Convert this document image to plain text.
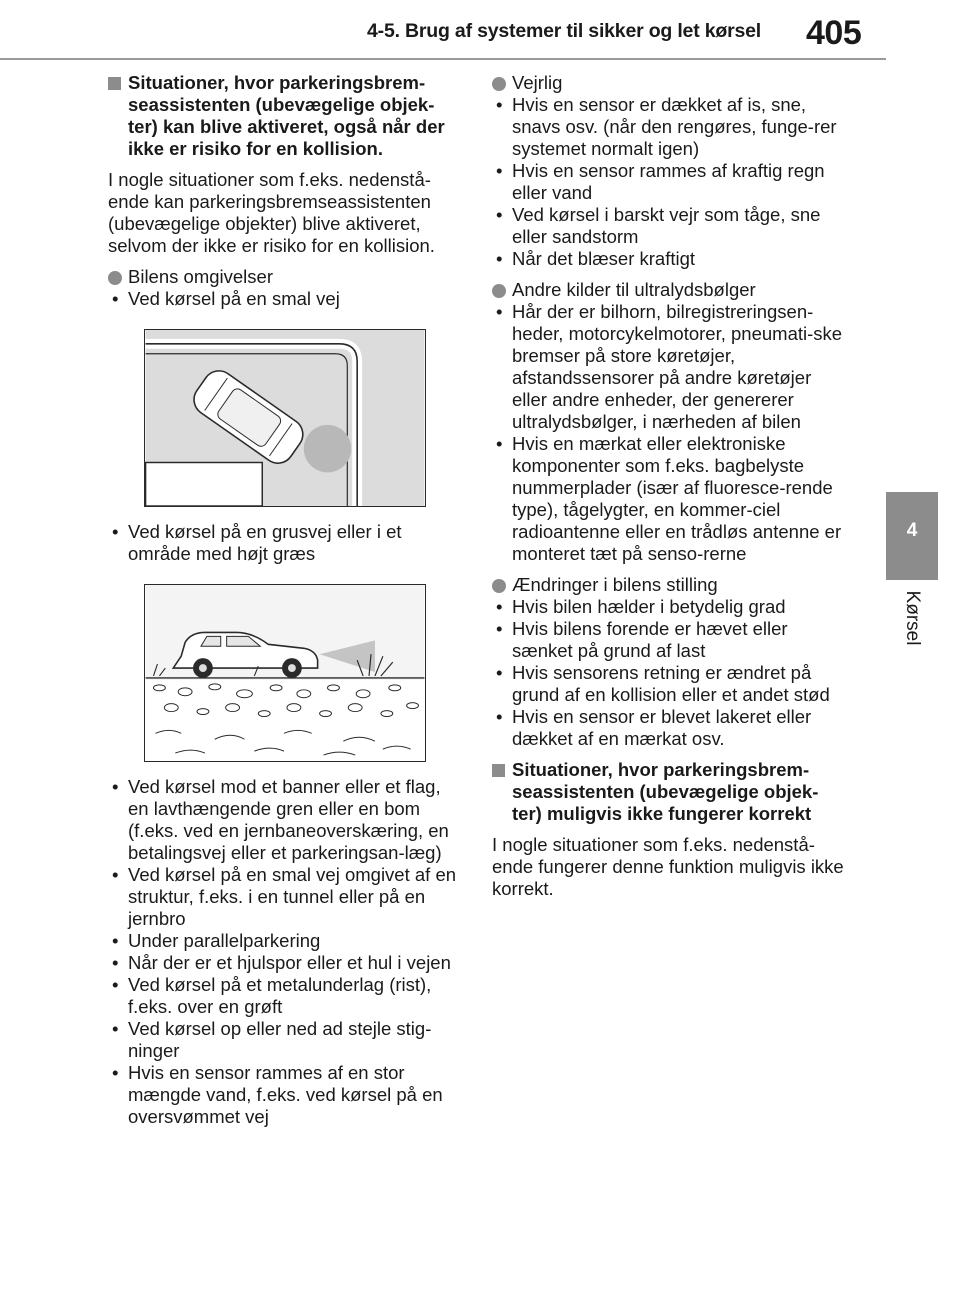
4-5. Brug af systemer til sikker og let kørsel 405
4
Kørsel
Situationer, hvor parkeringsbrem-seassistenten (ubevægelige objek-ter) kan blive aktiveret, også når der ikke er risiko for en kollision.
I nogle situationer som f.eks. nedenstå-ende kan parkeringsbremseassistenten (ubevægelige objekter) blive aktiveret, selvom der ikke er risiko for en kollision.
Bilens omgivelser
• Ved kørsel på en smal vej
• Ved kørsel på en grusvej eller i et område med højt græs
• Ved kørsel mod et banner eller et flag, en lavthængende gren eller en bom (f.eks. ved en jernbaneoverskæring, en betalingsvej eller et parkeringsan-læg)
• Ved kørsel på en smal vej omgivet af en struktur, f.eks. i en tunnel eller på en jernbro
• Under parallelparkering
• Når der er et hjulspor eller et hul i vejen
• Ved kørsel på et metalunderlag (rist), f.eks. over en grøft
• Ved kørsel op eller ned ad stejle stig-ninger
• Hvis en sensor rammes af en stor mængde vand, f.eks. ved kørsel på en oversvømmet vej
Vejrlig
• Hvis en sensor er dækket af is, sne, snavs osv. (når den rengøres, funge-rer systemet normalt igen)
• Hvis en sensor rammes af kraftig regn eller vand
• Ved kørsel i barskt vejr som tåge, sne eller sandstorm
• Når det blæser kraftigt
Andre kilder til ultralydsbølger
• Hår der er bilhorn, bilregistreringsen-heder, motorcykelmotorer, pneumati-ske bremser på store køretøjer, afstandssensorer på andre køretøjer eller andre enheder, der genererer ultralydsbølger, i nærheden af bilen
• Hvis en mærkat eller elektroniske komponenter som f.eks. bagbelyste nummerplader (især af fluoresce-rende type), tågelygter, en kommer-ciel radioantenne eller en trådløs antenne er monteret tæt på senso-rerne
Ændringer i bilens stilling
• Hvis bilen hælder i betydelig grad
• Hvis bilens forende er hævet eller sænket på grund af last
• Hvis sensorens retning er ændret på grund af en kollision eller et andet stød
• Hvis en sensor er blevet lakeret eller dækket af en mærkat osv.
Situationer, hvor parkeringsbrem-seassistenten (ubevægelige objek-ter) muligvis ikke fungerer korrekt
I nogle situationer som f.eks. nedenstå-ende fungerer denne funktion muligvis ikke korrekt.
